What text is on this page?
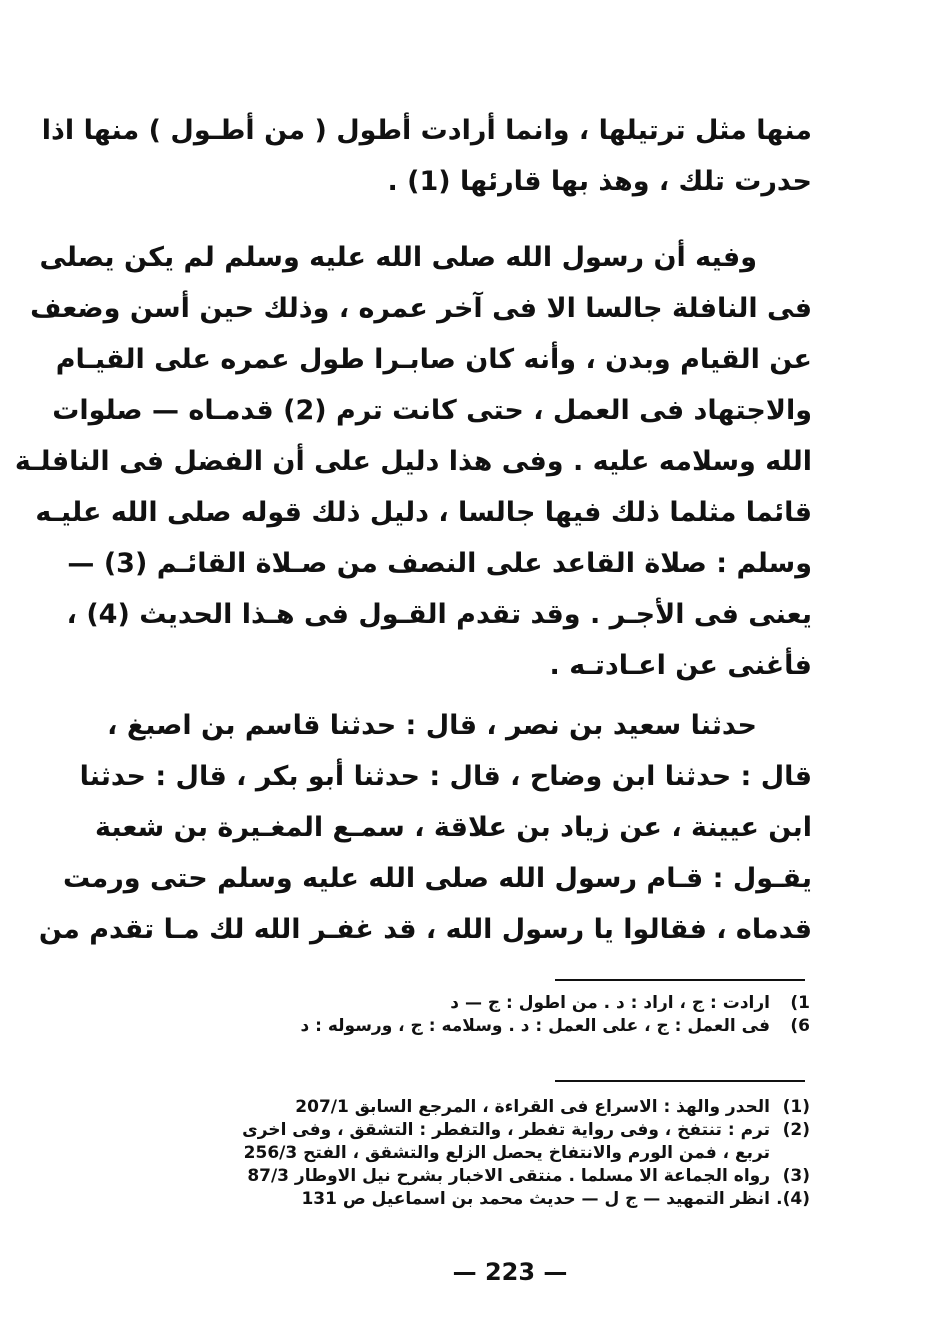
منها مثل ترتيلها ، وانما أرادت أطول ( من أطـول ) منها اذا
حدرت تلك ، وهذ بها قارئها (1) .
وفيه أن رسول الله صلى الله عليه وسلم لم يكن يصلى
فى النافلة جالسا الا فى آخر عمره ، وذلك حين أسن وضعف
عن القيام وبدن ، وأنه كان صابـرا طول عمره على القيـام
والاجتهاد فى العمل ، حتى كانت ترم (2) قدمـاه — صلوات
الله وسلامه عليه . وفى هذا دليل على أن الفضل فى النافلـة
قائما مثلما ذلك فيها جالسا ، دليل ذلك قوله صلى الله عليـه
وسلم : صلاة القاعد على النصف من صـلاة القائـم (3) —
يعنى فى الأجـر . وقد تقدم القـول فى هـذا الحديث (4) ،
فأغنى عن اعـادتـه .
حدثنا سعيد بن نصر ، قال : حدثنا قاسم بن اصبغ ،
قال : حدثنا ابن وضاح ، قال : حدثنا أبو بكر ، قال : حدثنا
ابن عيينة ، عن زياد بن علاقة ، سمـع المغـيرة بن شعبة
يقـول : قـام رسول الله صلى الله عليه وسلم حتى ورمت
قدماه ، فقالوا يا رسول الله ، قد غفـر الله لك مـا تقدم من
1)
ارادت : ج ، اراد : د . من اطول : ج — د
6)
فى العمل : ج ، على العمل : د . وسلامه : ج ، ورسوله : د
(1)
الحدر والهذ : الاسراع فى القراءة ، المرجع السابق 207/1
(2)
ترم : تنتفخ ، وفى رواية تفطر ، والتفطر : التشقق ، وفى اخرى
تربع ، فمن الورم والانتفاخ يحصل الزلع والتشقق ، الفتح 256/3
(3)
رواه الجماعة الا مسلما . منتقى الاخبار بشرح نيل الاوطار 87/3
(4).
انظر التمهيد — ج ل — حديث محمد بن اسماعيل ص 131
— 223 —
